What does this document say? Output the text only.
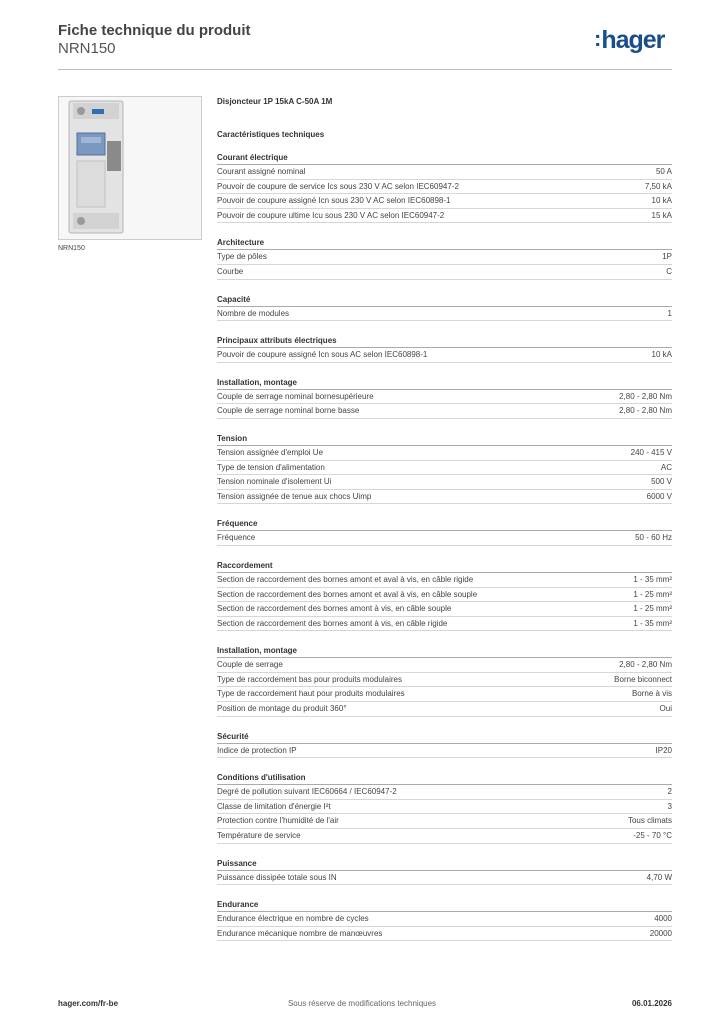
Fiche technique du produit
NRN150	:hager
NRN150
Disjoncteur 1P 15kA C-50A 1M
Caractéristiques techniques
Courant électrique
Courant assigné nominal	50 A
Pouvoir de coupure de service Ics sous 230 V AC selon IEC60947-2	7,50 kA
Pouvoir de coupure assigné Icn sous 230 V AC selon IEC60898-1	10 kA
Pouvoir de coupure ultime Icu sous 230 V AC selon IEC60947-2	15 kA
Architecture
Type de pôles	1P
Courbe	C
Capacité
Nombre de modules	1
Principaux attributs électriques
Pouvoir de coupure assigné Icn sous AC selon IEC60898-1	10 kA
Installation, montage
Couple de serrage nominal bornesupérieure	2,80 - 2,80 Nm
Couple de serrage nominal borne basse	2,80 - 2,80 Nm
Tension
Tension assignée d'emploi Ue	240 - 415 V
Type de tension d'alimentation	AC
Tension nominale d'isolement Ui	500 V
Tension assignée de tenue aux chocs Uimp	6000 V
Fréquence
Fréquence	50 - 60 Hz
Raccordement
Section de raccordement des bornes amont et aval à vis, en câble rigide	1 - 35 mm²
Section de raccordement des bornes amont et aval à vis, en câble souple	1 - 25 mm²
Section de raccordement des bornes amont à vis, en câble souple	1 - 25 mm²
Section de raccordement des bornes amont à vis, en câble rigide	1 - 35 mm²
Installation, montage
Couple de serrage	2,80 - 2,80 Nm
Type de raccordement bas pour produits modulaires	Borne biconnect
Type de raccordement haut pour produits modulaires	Borne à vis
Position de montage du produit 360°	Oui
Sécurité
Indice de protection IP	IP20
Conditions d'utilisation
Degré de pollution suivant IEC60664 / IEC60947-2	2
Classe de limitation d'énergie I²t	3
Protection contre l'humidité de l'air	Tous climats
Température de service	-25 - 70 °C
Puissance
Puissance dissipée totale sous IN	4,70 W
Endurance
Endurance électrique en nombre de cycles	4000
Endurance mécanique nombre de manœuvres	20000
hager.com/fr-be	Sous réserve de modifications techniques	06.01.2026
